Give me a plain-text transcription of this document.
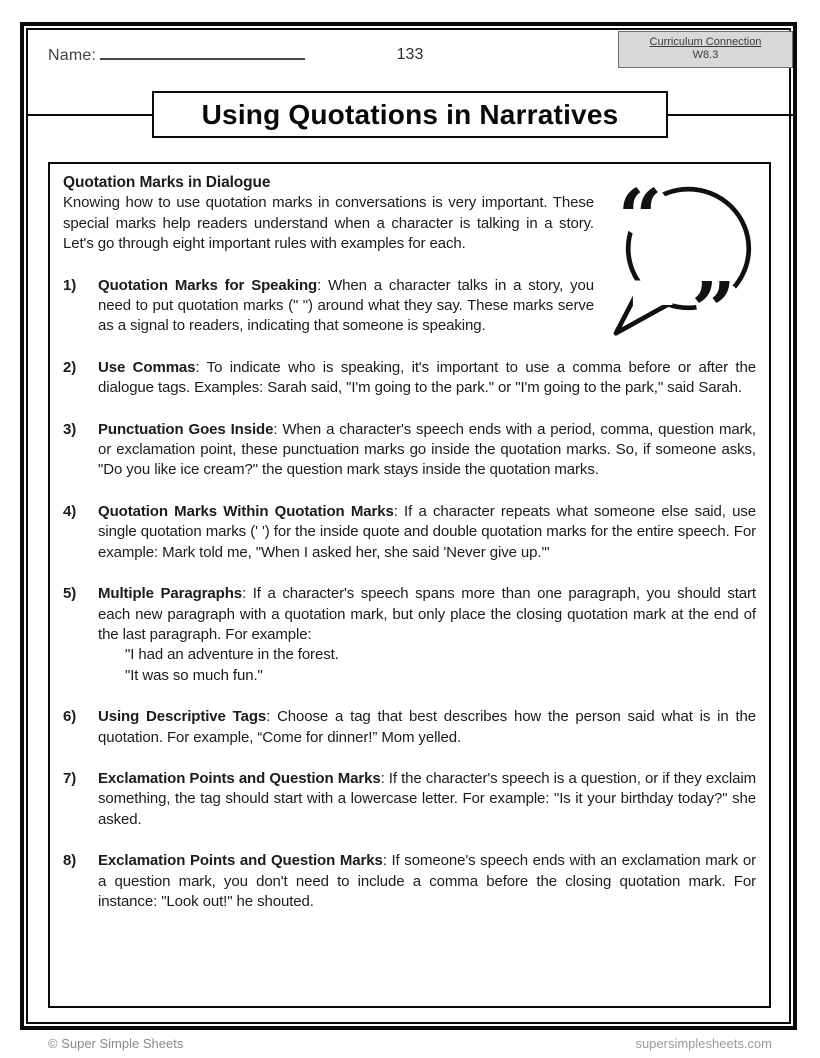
Name:	133
Curriculum Connection
W8.3
Using Quotations in Narratives
“
”
Quotation Marks in Dialogue

Knowing how to use quotation marks in conversations is very important. These special marks help readers understand when a character is talking in a story. Let's go through eight important rules with examples for each.

1) Quotation Marks for Speaking: When a character talks in a story, you need to put quotation marks (" ") around what they say. These marks serve as a signal to readers, indicating that someone is speaking.

2) Use Commas: To indicate who is speaking, it's important to use a comma before or after the dialogue tags. Examples: Sarah said, "I'm going to the park." or "I'm going to the park," said Sarah.

3) Punctuation Goes Inside: When a character's speech ends with a period, comma, question mark, or exclamation point, these punctuation marks go inside the quotation marks. So, if someone asks, "Do you like ice cream?" the question mark stays inside the quotation marks.

4) Quotation Marks Within Quotation Marks: If a character repeats what someone else said, use single quotation marks (' ') for the inside quote and double quotation marks for the entire speech. For example: Mark told me, "When I asked her, she said 'Never give up.'"

5) Multiple Paragraphs: If a character's speech spans more than one paragraph, you should start each new paragraph with a quotation mark, but only place the closing quotation mark at the end of the last paragraph. For example:

"I had an adventure in the forest.
"It was so much fun."

6) Using Descriptive Tags: Choose a tag that best describes how the person said what is in the quotation. For example, “Come for dinner!” Mom yelled.

7) Exclamation Points and Question Marks: If the character's speech is a question, or if they exclaim something, the tag should start with a lowercase letter. For example: "Is it your birthday today?" she asked.

8) Exclamation Points and Question Marks: If someone's speech ends with an exclamation mark or a question mark, you don't need to include a comma before the closing quotation mark. For instance: "Look out!" he shouted.

© Super Simple Sheets	supersimplesheets.com
